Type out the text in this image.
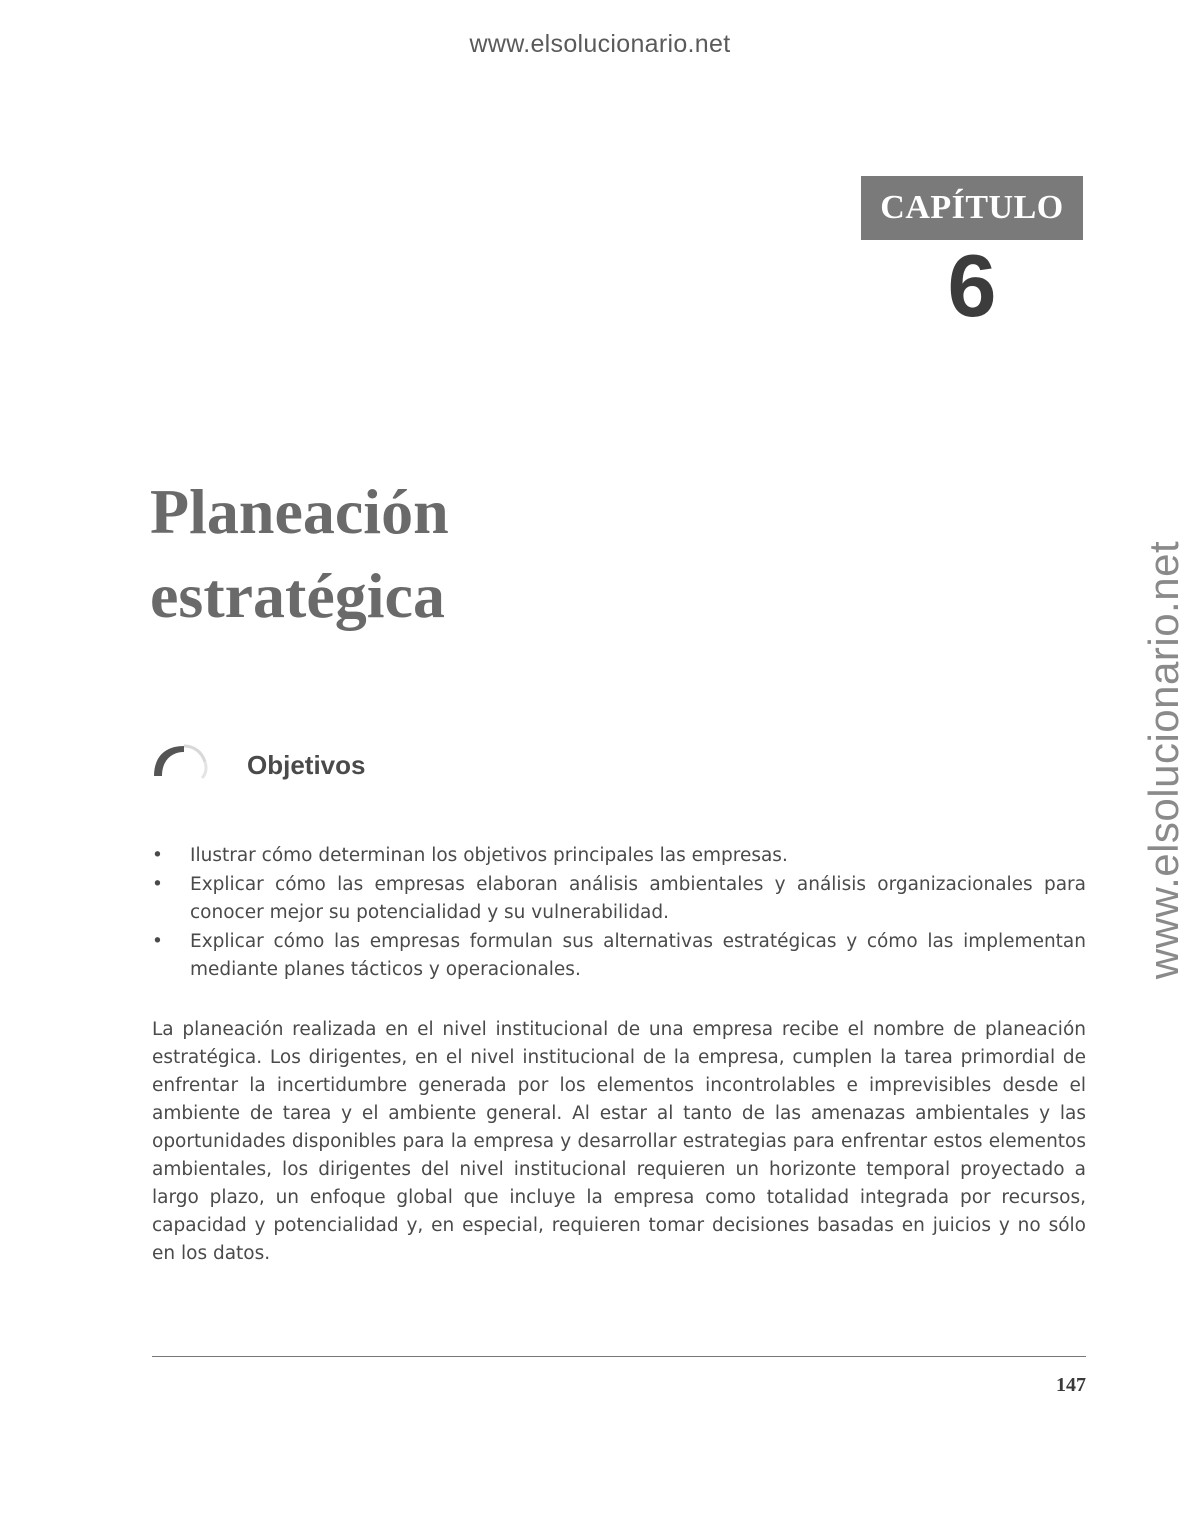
www.elsolucionario.net
www.elsolucionario.net
CAPÍTULO
6
Planeación
estratégica
Objetivos
• Ilustrar cómo determinan los objetivos principales las empresas.
• Explicar cómo las empresas elaboran análisis ambientales y análisis organizacionales para conocer mejor su potencialidad y su vulnerabilidad.
• Explicar cómo las empresas formulan sus alternativas estratégicas y cómo las implementan mediante planes tácticos y operacionales.

La planeación realizada en el nivel institucional de una empresa recibe el nombre de planeación estratégica. Los dirigentes, en el nivel institucional de la empresa, cumplen la tarea primordial de enfrentar la incertidumbre generada por los elementos incontrolables e imprevisibles desde el ambiente de tarea y el ambiente general. Al estar al tanto de las amenazas ambientales y las oportunidades disponibles para la empresa y desarrollar estrategias para enfrentar estos elementos ambientales, los dirigentes del nivel institucional requieren un horizonte temporal proyectado a largo plazo, un enfoque global que incluye la empresa como totalidad integrada por recursos, capacidad y potencialidad y, en especial, requieren tomar decisiones basadas en juicios y no sólo en los datos.

147
